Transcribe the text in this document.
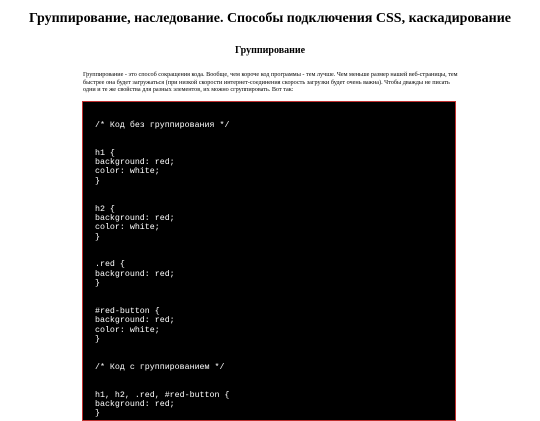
Группирование, наследование. Способы подключения CSS, каскадирование
Группирование

Группирование - это способ сокращения кода. Вообще, чем короче код программы - тем лучше. Чем меньше размер нашей веб-страницы, тем быстрее она будет загружаться (при низкой скорости интернет-соединения скорость загрузки будет очень важна). Чтобы дважды не писать одни и те же свойства для разных элементов, их можно сгруппировать. Вот так:

/* Код без группирования */

h1 {
background: red;
color: white;
}

h2 {
background: red;
color: white;
}

.red {
background: red;
}

#red-button {
background: red;
color: white;
}

/* Код с группированием */

h1, h2, .red, #red-button {
background: red;
}
